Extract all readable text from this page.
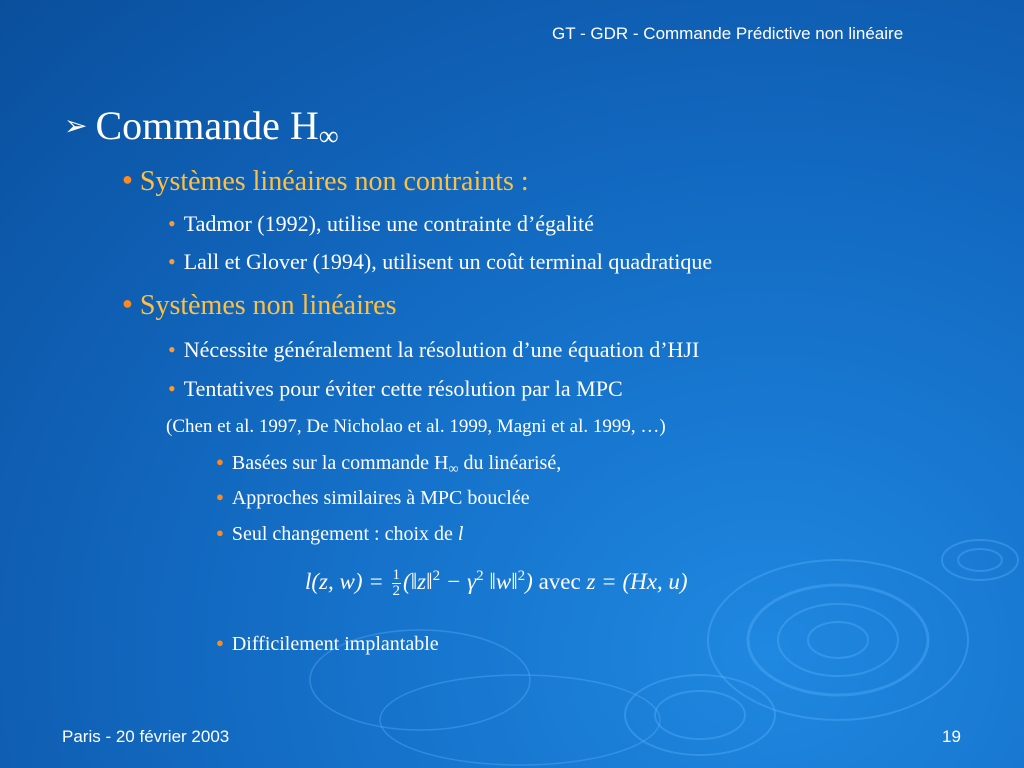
GT - GDR - Commande Prédictive non linéaire
➢ Commande $H_\infty$
● Systèmes linéaires non contraints :
• Tadmor (1992), utilise une contrainte d’égalité
• Lall et Glover (1994), utilisent un coût terminal quadratique
● Systèmes non linéaires
• Nécessite généralement la résolution d’une équation d’HJI
• Tentatives pour éviter cette résolution par la MPC
(Chen et al. 1997, De Nicholao et al. 1999, Magni et al. 1999, …)
● Basées sur la commande $H_\infty$ du linéarisé,
● Approches similaires à MPC bouclée
● Seul changement : choix de l
l(z, $w) = \frac{1}{2}$ (‖z‖$^2$ − $\gamma^2$ ‖w‖$^2$) avec z = (Hx, u)
● Difficilement implantable
Paris - 20 février 2003	19
